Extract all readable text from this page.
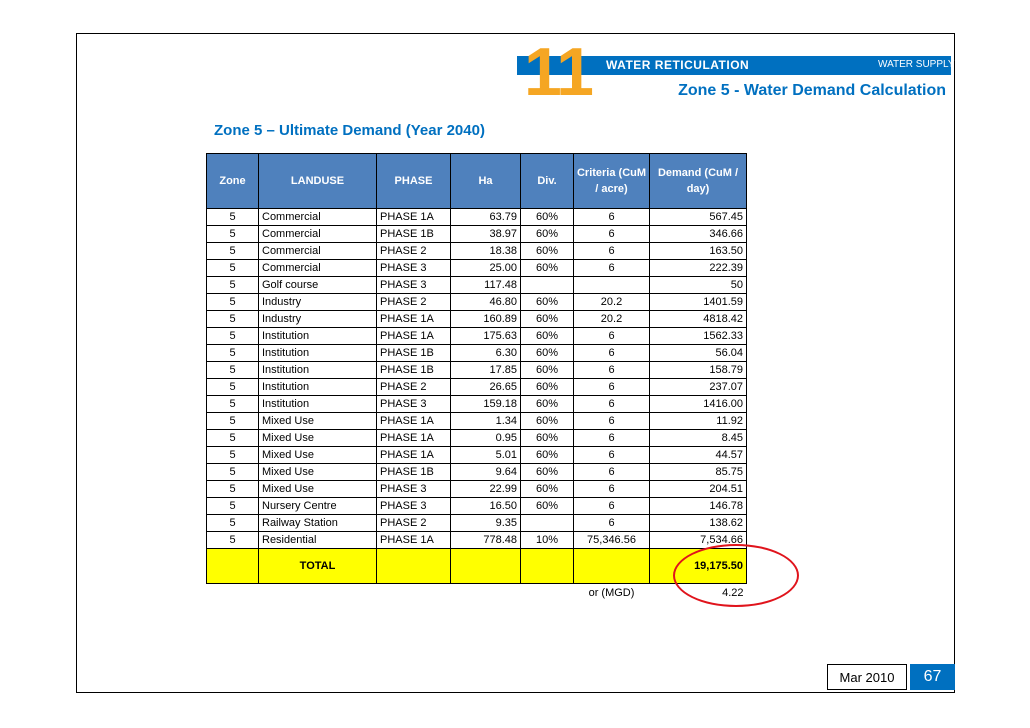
11 WATER RETICULATION	WATER SUPPLY
Zone 5 - Water Demand Calculation
Zone 5 – Ultimate Demand (Year 2040)
Zone	LANDUSE	PHASE	Ha	Div.	Criteria (CuM / acre)	Demand (CuM / day)
5	Commercial	PHASE 1A	63.79	60%	6	567.45
5	Commercial	PHASE 1B	38.97	60%	6	346.66
5	Commercial	PHASE 2	18.38	60%	6	163.50
5	Commercial	PHASE 3	25.00	60%	6	222.39
5	Golf course	PHASE 3	117.48			50
5	Industry	PHASE 2	46.80	60%	20.2	1401.59
5	Industry	PHASE 1A	160.89	60%	20.2	4818.42
5	Institution	PHASE 1A	175.63	60%	6	1562.33
5	Institution	PHASE 1B	6.30	60%	6	56.04
5	Institution	PHASE 1B	17.85	60%	6	158.79
5	Institution	PHASE 2	26.65	60%	6	237.07
5	Institution	PHASE 3	159.18	60%	6	1416.00
5	Mixed Use	PHASE 1A	1.34	60%	6	11.92
5	Mixed Use	PHASE 1A	0.95	60%	6	8.45
5	Mixed Use	PHASE 1A	5.01	60%	6	44.57
5	Mixed Use	PHASE 1B	9.64	60%	6	85.75
5	Mixed Use	PHASE 3	22.99	60%	6	204.51
5	Nursery Centre	PHASE 3	16.50	60%	6	146.78
5	Railway Station	PHASE 2	9.35		6	138.62
5	Residential	PHASE 1A	778.48	10%	75,346.56	7,534.66
	TOTAL					19,175.50
					or (MGD)	4.22
Mar 2010	67
